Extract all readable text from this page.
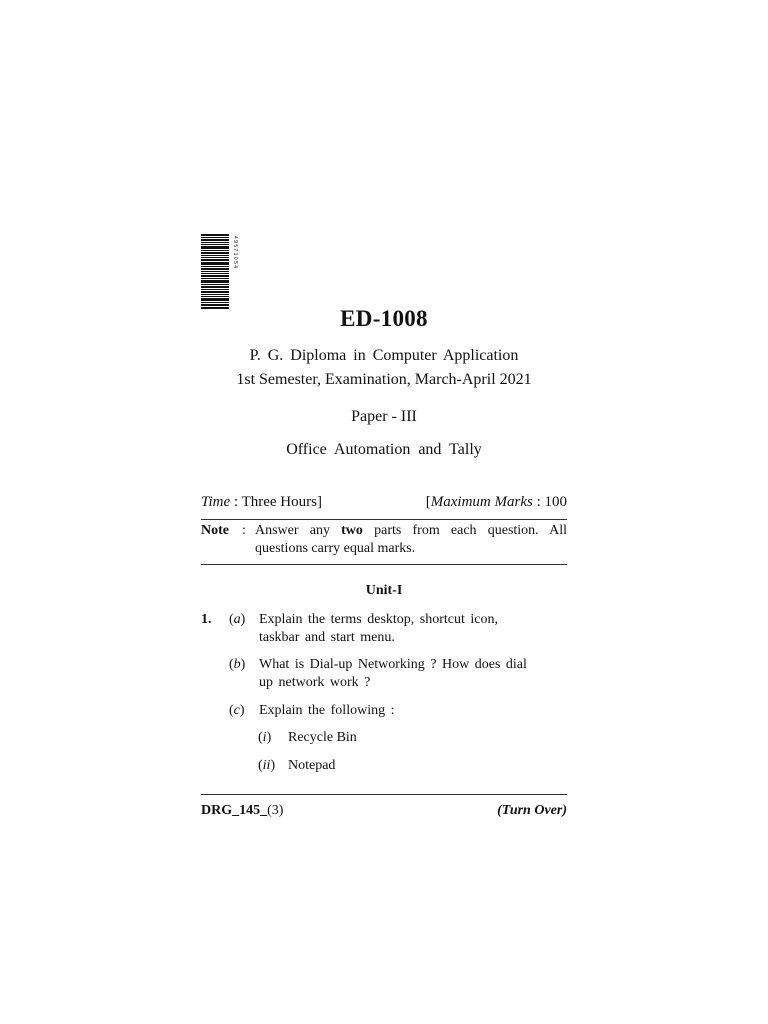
4 9 5 7 1 0 5 4
ED-1008
P. G. Diploma in Computer Application
1st Semester, Examination, March-April 2021
Paper - III
Office Automation and Tally
Time : Three Hours]	[Maximum Marks : 100
Note : Answer any two parts from each question. All questions carry equal marks.
Unit-I
1. (a) Explain the terms desktop, shortcut icon, taskbar and start menu.
(b) What is Dial-up Networking ? How does dial up network work ?
(c)	Explain the following :
(i)	Recycle Bin
(ii) Notepad
DRG_145_(3)	(Turn Over)
